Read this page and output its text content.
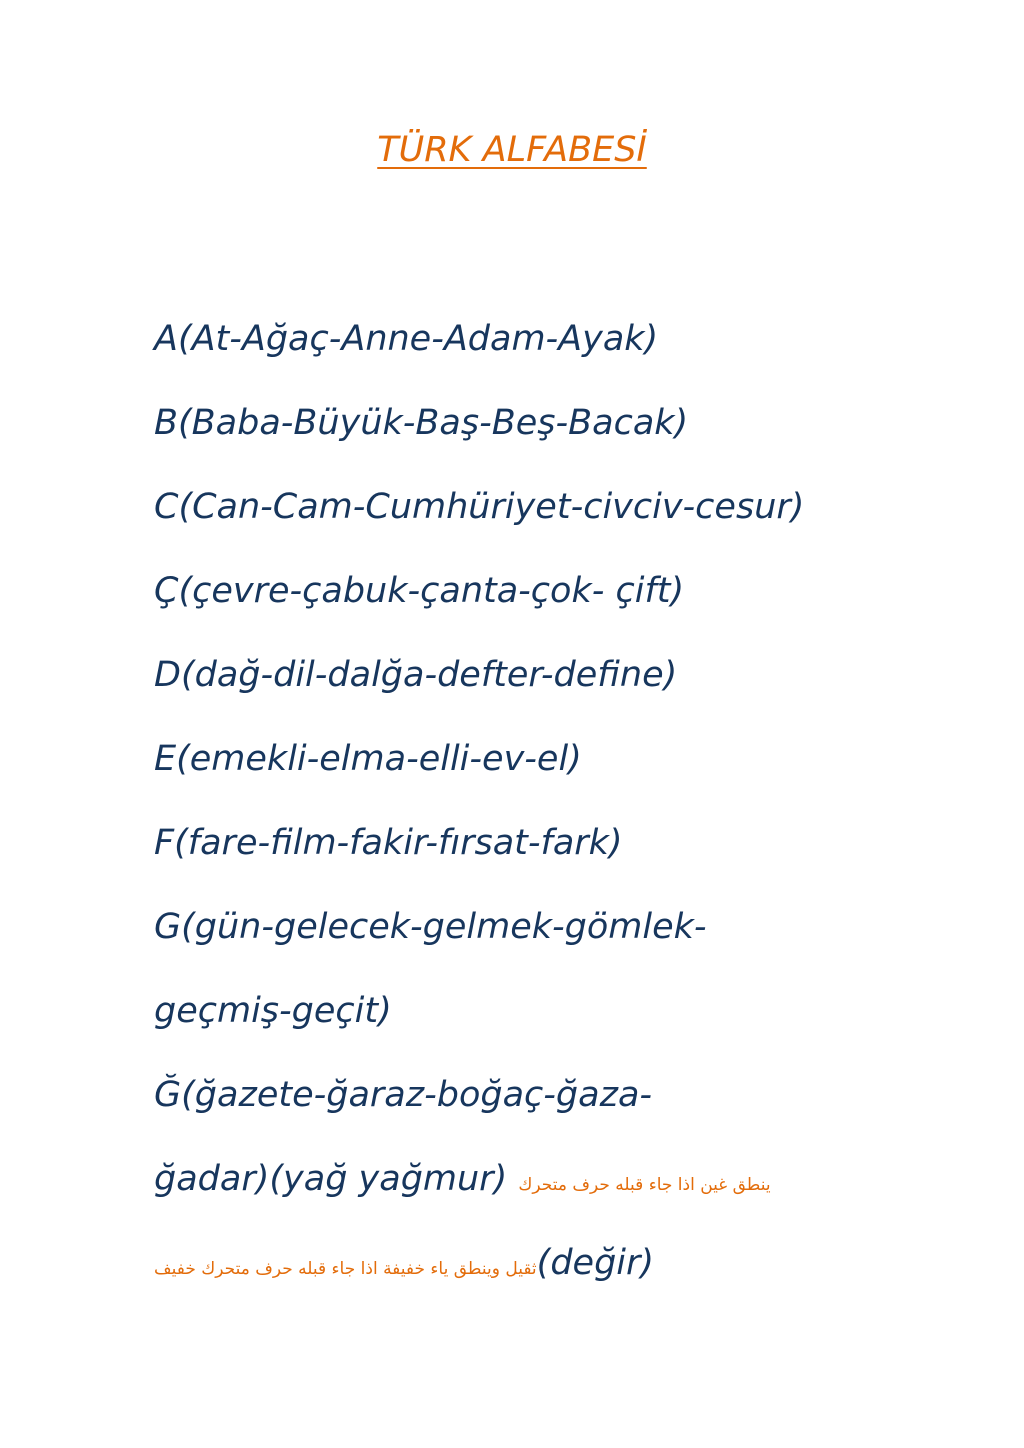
TÜRK ALFABESİ
A(At-Ağaç-Anne-Adam-Ayak)
B(Baba-Büyük-Baş-Beş-Bacak)
C(Can-Cam-Cumhüriyet-civciv-cesur)
Ç(çevre-çabuk-çanta-çok- çift)
D(dağ-dil-dalğa-defter-define)
E(emekli-elma-elli-ev-el)
F(fare-film-fakir-fırsat-fark)
G(gün-gelecek-gelmek-gömlek-
geçmiş-geçit)
Ğ(ğazete-ğaraz-boğaç-ğaza-
ğadar)(yağ yağmur) ينطق غين اذا جاء قبله حرف متحرك
ثقيل وينطق ياء خفيفة اذا جاء قبله حرف متحرك خفيف(değir)
